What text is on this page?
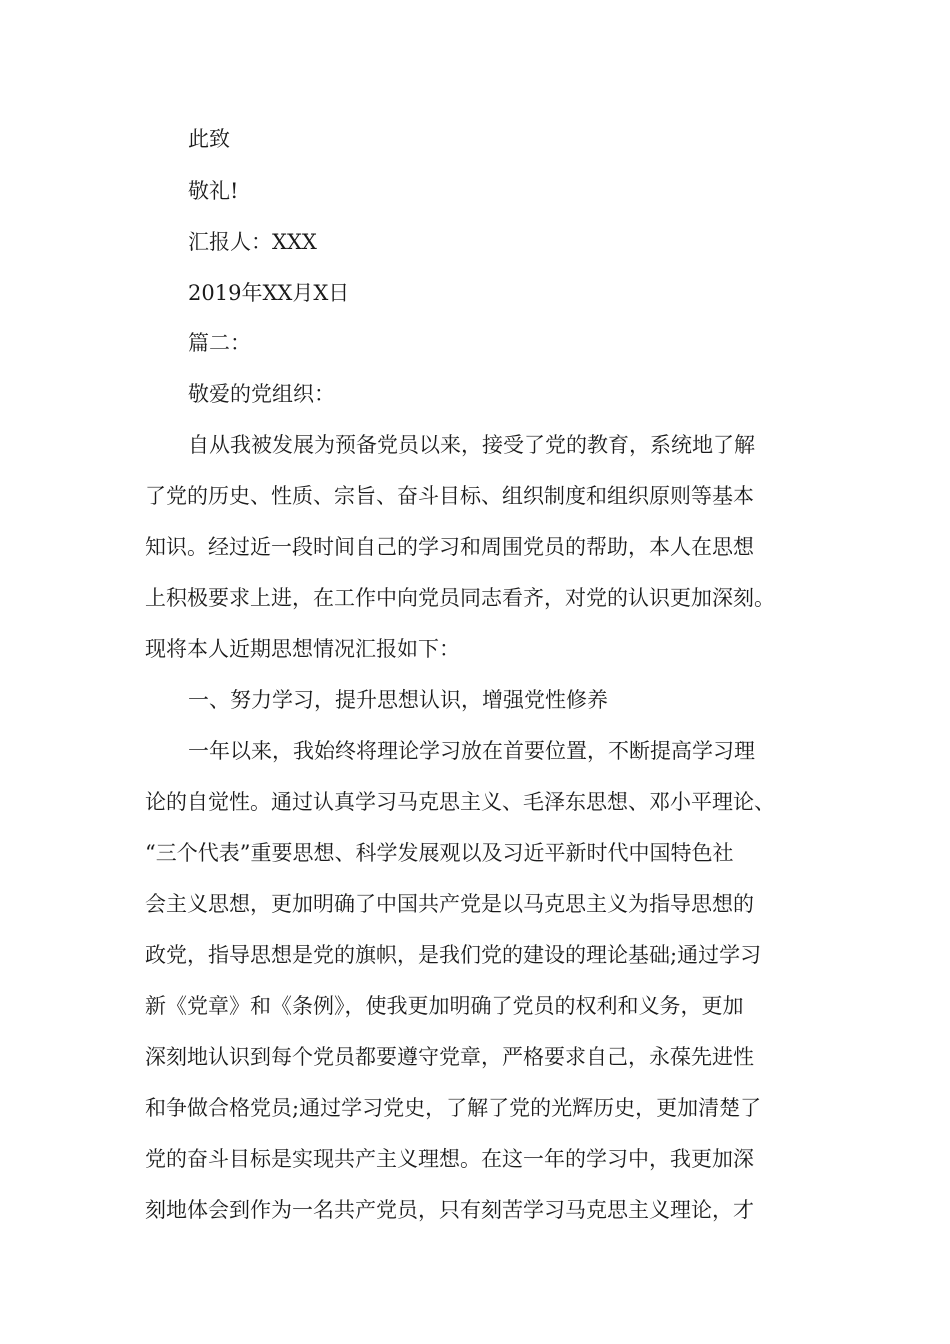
此致
敬礼!
汇报人：XXX
2019年XX月X日
篇二：
敬爱的党组织：
自从我被发展为预备党员以来，接受了党的教育，系统地了解
了党的历史、性质、宗旨、奋斗目标、组织制度和组织原则等基本
知识。经过近一段时间自己的学习和周围党员的帮助，本人在思想
上积极要求上进，在工作中向党员同志看齐，对党的认识更加深刻。
现将本人近期思想情况汇报如下：
一、努力学习，提升思想认识，增强党性修养
一年以来，我始终将理论学习放在首要位置，不断提高学习理
论的自觉性。通过认真学习马克思主义、毛泽东思想、邓小平理论、
“三个代表”重要思想、科学发展观以及习近平新时代中国特色社
会主义思想，更加明确了中国共产党是以马克思主义为指导思想的
政党，指导思想是党的旗帜，是我们党的建设的理论基础;通过学习
新《党章》和《条例》，使我更加明确了党员的权利和义务，更加
深刻地认识到每个党员都要遵守党章，严格要求自己，永葆先进性
和争做合格党员;通过学习党史，了解了党的光辉历史，更加清楚了
党的奋斗目标是实现共产主义理想。在这一年的学习中，我更加深
刻地体会到作为一名共产党员，只有刻苦学习马克思主义理论，才
